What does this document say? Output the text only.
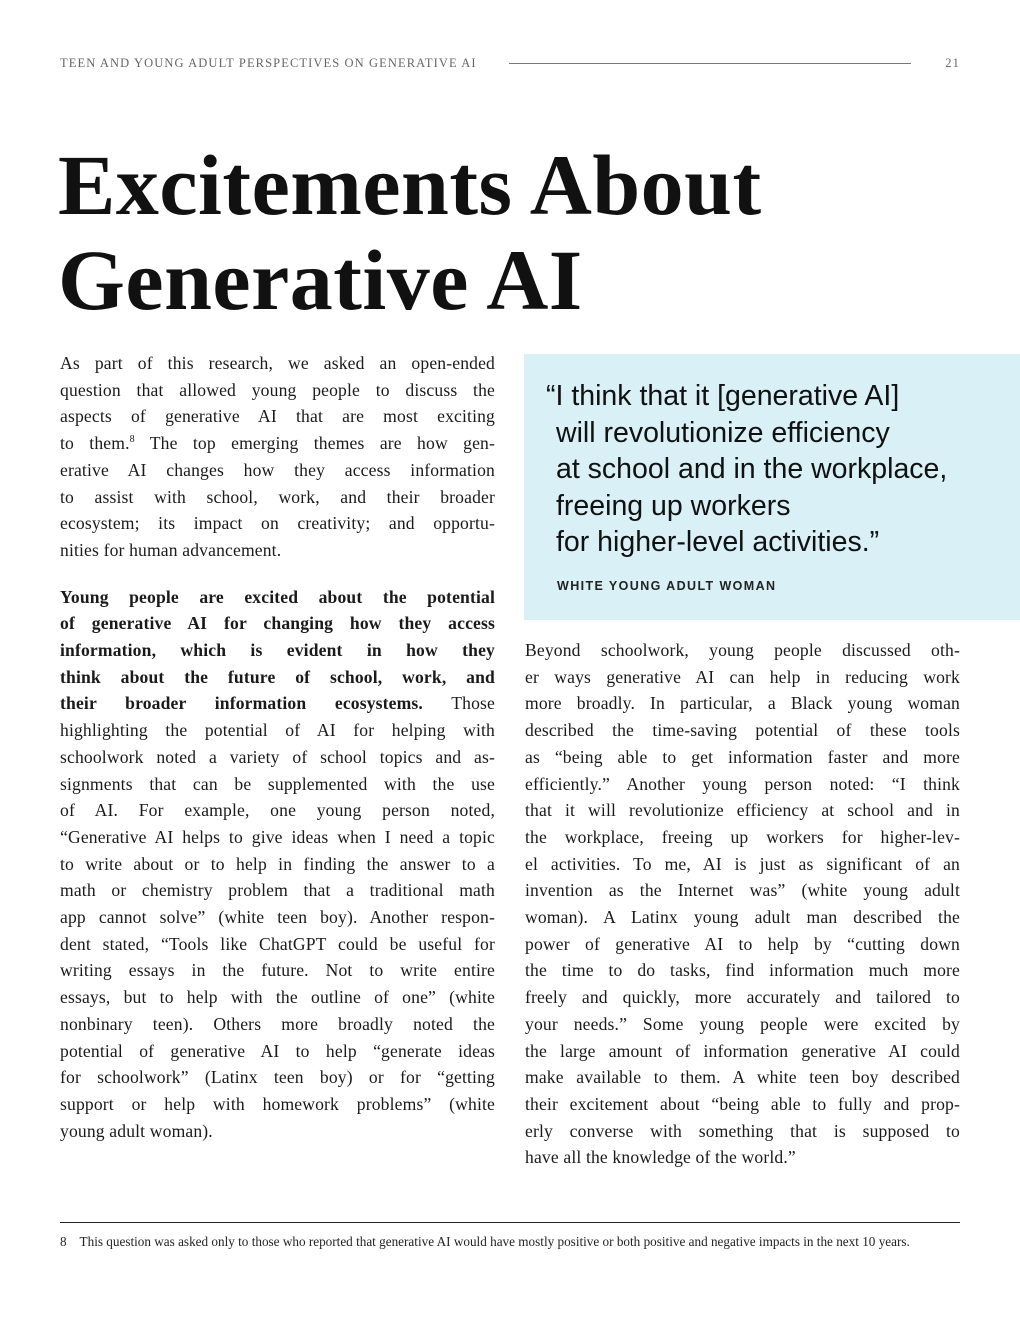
TEEN AND YOUNG ADULT PERSPECTIVES ON GENERATIVE AI	21
Excitements About
Generative AI

As part of this research, we asked an open-ended
question that allowed young people to discuss the
aspects of generative AI that are most exciting
to them.$^8$ The top emerging themes are how gen-
erative AI changes how they access information
to assist with school, work, and their broader
ecosystem; its impact on creativity; and opportu-
nities for human advancement.

Young people are excited about the potential
of generative AI for changing how they access
information, which is evident in how they
think about the future of school, work, and
their broader information ecosystems. Those
highlighting the potential of AI for helping with
schoolwork noted a variety of school topics and as-
signments that can be supplemented with the use
of AI. For example, one young person noted,
“Generative AI helps to give ideas when I need a topic
to write about or to help in finding the answer to a
math or chemistry problem that a traditional math
app cannot solve” (white teen boy). Another respon-
dent stated, “Tools like ChatGPT could be useful for
writing essays in the future. Not to write entire
essays, but to help with the outline of one” (white
nonbinary teen). Others more broadly noted the
potential of generative AI to help “generate ideas
for schoolwork” (Latinx teen boy) or for “getting
support or help with homework problems” (white
young adult woman).

“I think that it [generative AI]
will revolutionize efficiency
at school and in the workplace,
freeing up workers
for higher-level activities.”
WHITE YOUNG ADULT WOMAN

Beyond schoolwork, young people discussed oth-
er ways generative AI can help in reducing work
more broadly. In particular, a Black young woman
described the time-saving potential of these tools
as “being able to get information faster and more
efficiently.” Another young person noted: “I think
that it will revolutionize efficiency at school and in
the workplace, freeing up workers for higher-lev-
el activities. To me, AI is just as significant of an
invention as the Internet was” (white young adult
woman). A Latinx young adult man described the
power of generative AI to help by “cutting down
the time to do tasks, find information much more
freely and quickly, more accurately and tailored to
your needs.” Some young people were excited by
the large amount of information generative AI could
make available to them. A white teen boy described
their excitement about “being able to fully and prop-
erly converse with something that is supposed to
have all the knowledge of the world.”

8 This question was asked only to those who reported that generative AI would have mostly positive or both positive and negative impacts in the next 10 years.
